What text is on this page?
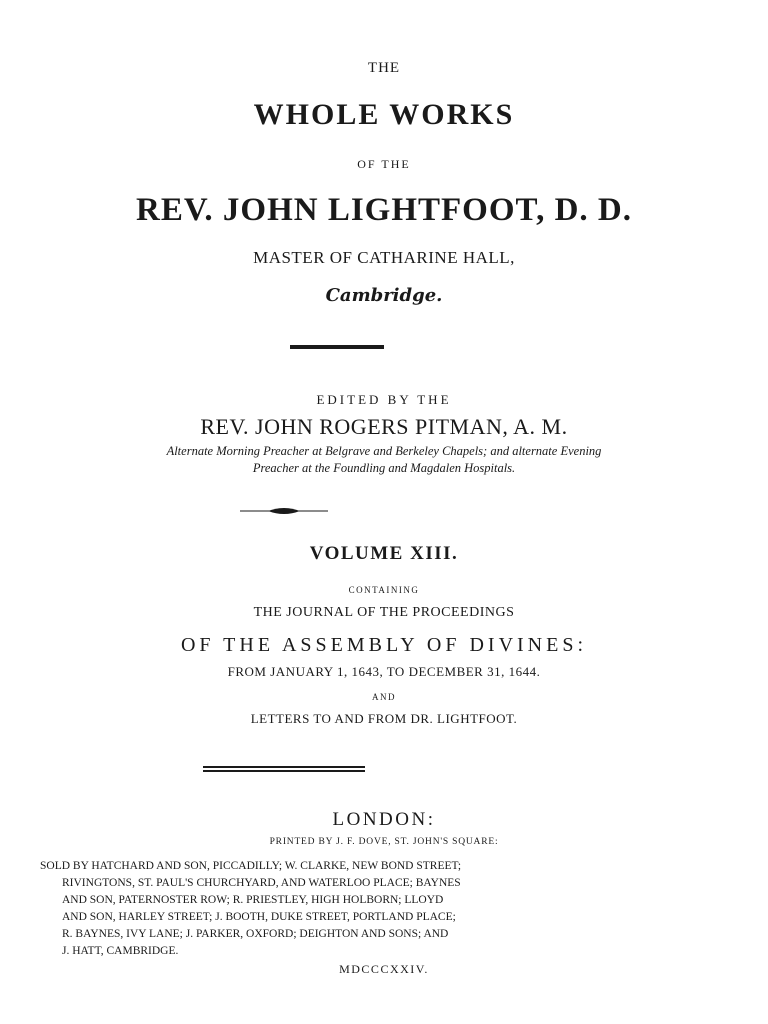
THE
WHOLE WORKS
OF THE
REV. JOHN LIGHTFOOT, D. D.
MASTER OF CATHARINE HALL,
Cambridge.
EDITED BY THE
REV. JOHN ROGERS PITMAN, A. M.
Alternate Morning Preacher at Belgrave and Berkeley Chapels; and alternate Evening
Preacher at the Foundling and Magdalen Hospitals.
VOLUME XIII.
CONTAINING
THE JOURNAL OF THE PROCEEDINGS
OF THE ASSEMBLY OF DIVINES:
FROM JANUARY 1, 1643, TO DECEMBER 31, 1644.
AND
LETTERS TO AND FROM DR. LIGHTFOOT.
LONDON:
PRINTED BY J. F. DOVE, ST. JOHN'S SQUARE:
SOLD BY HATCHARD AND SON, PICCADILLY; W. CLARKE, NEW BOND STREET;
RIVINGTONS, ST. PAUL'S CHURCHYARD, AND WATERLOO PLACE; BAYNES
AND SON, PATERNOSTER ROW; R. PRIESTLEY, HIGH HOLBORN; LLOYD
AND SON, HARLEY STREET; J. BOOTH, DUKE STREET, PORTLAND PLACE;
R. BAYNES, IVY LANE; J. PARKER, OXFORD; DEIGHTON AND SONS; AND
J. HATT, CAMBRIDGE.
MDCCCXXIV.
